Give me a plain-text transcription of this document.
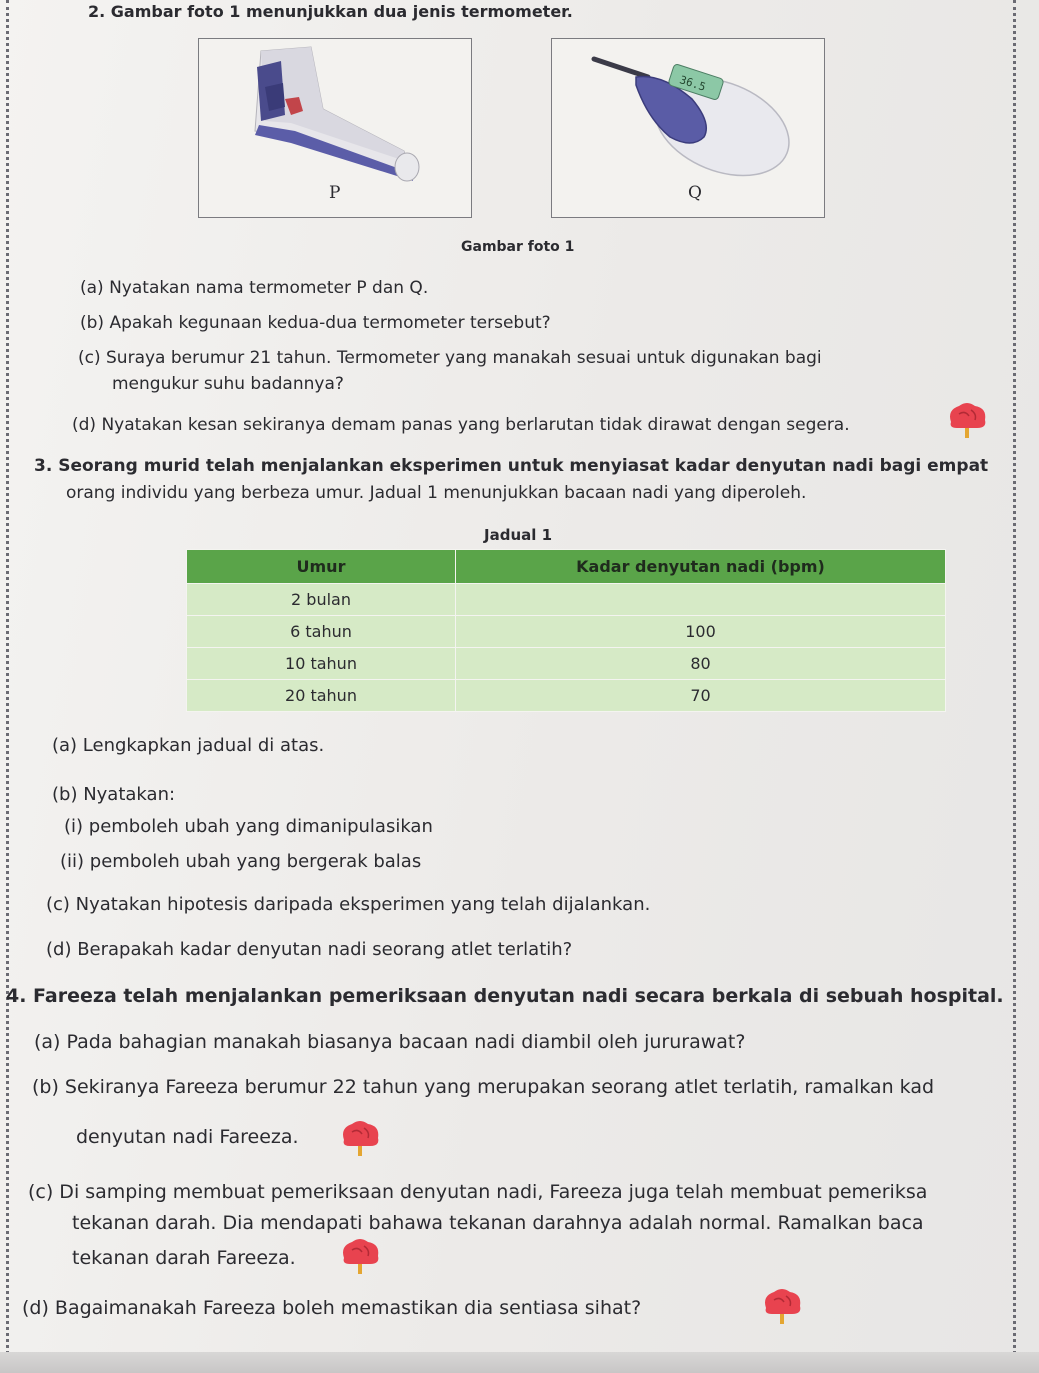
2. Gambar foto 1 menunjukkan dua jenis termometer.
P
36.5
Q
Gambar foto 1
(a) Nyatakan nama termometer P dan Q.
(b) Apakah kegunaan kedua-dua termometer tersebut?
(c) Suraya berumur 21 tahun. Termometer yang manakah sesuai untuk digunakan bagi
mengukur suhu badannya?
(d) Nyatakan kesan sekiranya demam panas yang berlarutan tidak dirawat dengan segera.
3. Seorang murid telah menjalankan eksperimen untuk menyiasat kadar denyutan nadi bagi empat
orang individu yang berbeza umur. Jadual 1 menunjukkan bacaan nadi yang diperoleh.
Jadual 1
Umur	Kadar denyutan nadi (bpm)
2 bulan	
6 tahun	100
10 tahun	80
20 tahun	70
(a) Lengkapkan jadual di atas.
(b) Nyatakan:
(i) pemboleh ubah yang dimanipulasikan
(ii) pemboleh ubah yang bergerak balas
(c) Nyatakan hipotesis daripada eksperimen yang telah dijalankan.
(d) Berapakah kadar denyutan nadi seorang atlet terlatih?
4. Fareeza telah menjalankan pemeriksaan denyutan nadi secara berkala di sebuah hospital.
(a) Pada bahagian manakah biasanya bacaan nadi diambil oleh jururawat?
(b) Sekiranya Fareeza berumur 22 tahun yang merupakan seorang atlet terlatih, ramalkan kad
denyutan nadi Fareeza.
(c) Di samping membuat pemeriksaan denyutan nadi, Fareeza juga telah membuat pemeriksa
tekanan darah. Dia mendapati bahawa tekanan darahnya adalah normal. Ramalkan baca
tekanan darah Fareeza.
(d) Bagaimanakah Fareeza boleh memastikan dia sentiasa sihat?
